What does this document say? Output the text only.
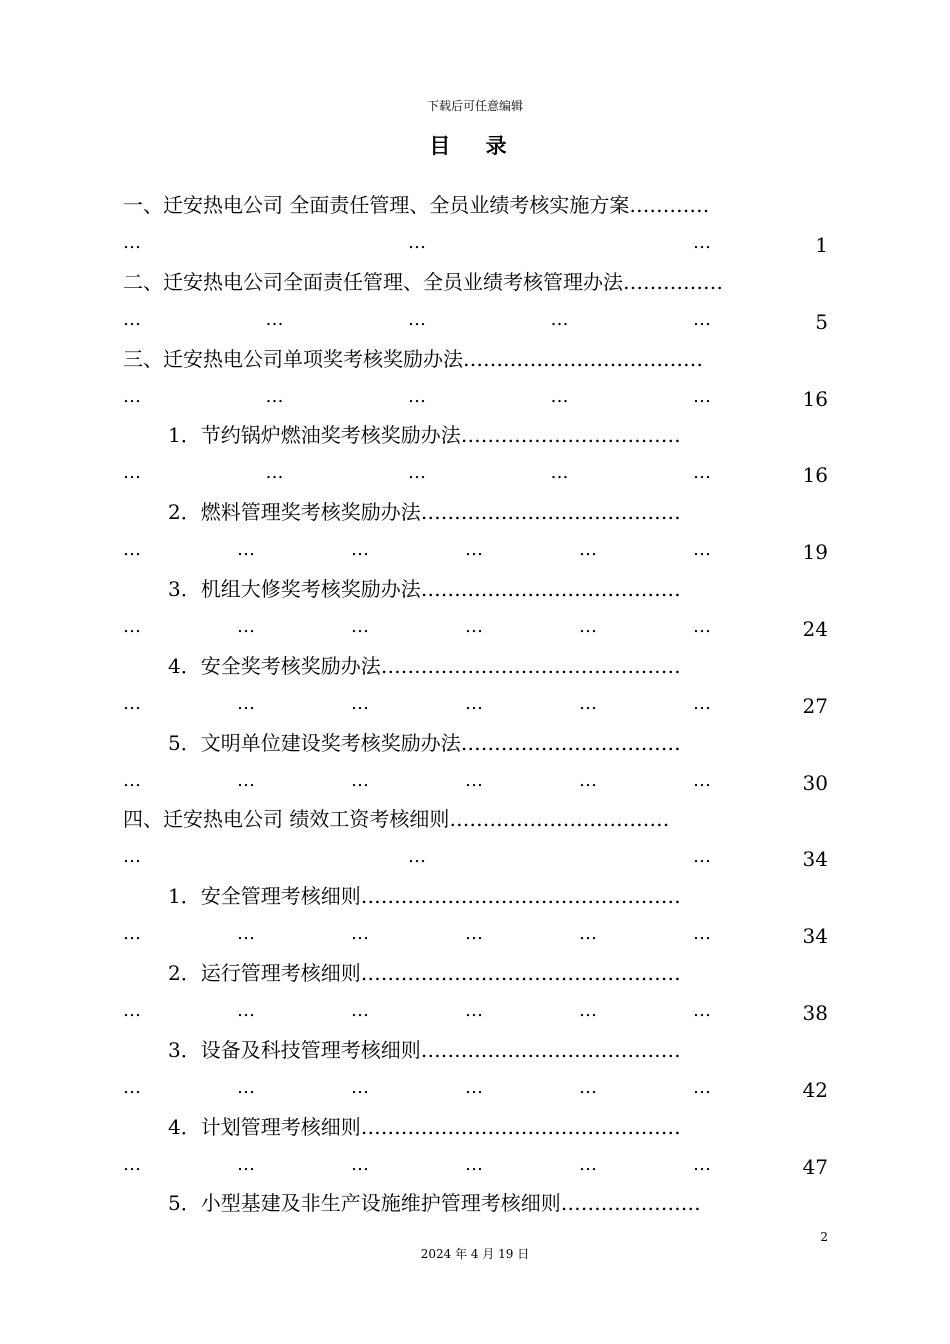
下载后可任意编辑
目 录
一、迁安热电公司 全面责任管理、全员业绩考核实施方案…………
…	…	…	1
二、迁安热电公司全面责任管理、全员业绩考核管理办法……………
…	…	…	…	…	5
三、迁安热电公司单项奖考核奖励办法………………………………
…	…	…	…	…	16
1．节约锅炉燃油奖考核奖励办法……………………………
…	…	…	…	…	16
2．燃料管理奖考核奖励办法…………………………………
…	…	…	…	…	…	19
3．机组大修奖考核奖励办法…………………………………
…	…	…	…	…	…	24
4．安全奖考核奖励办法………………………………………
…	…	…	…	…	…	27
5．文明单位建设奖考核奖励办法……………………………
…	…	…	…	…	…	30
四、迁安热电公司 绩效工资考核细则……………………………
…	…	…	34
1．安全管理考核细则…………………………………………
…	…	…	…	…	…	34
2．运行管理考核细则…………………………………………
…	…	…	…	…	…	38
3．设备及科技管理考核细则…………………………………
…	…	…	…	…	…	42
4．计划管理考核细则…………………………………………
…	…	…	…	…	…	47
5．小型基建及非生产设施维护管理考核细则…………………
2
2024 年 4 月 19 日
